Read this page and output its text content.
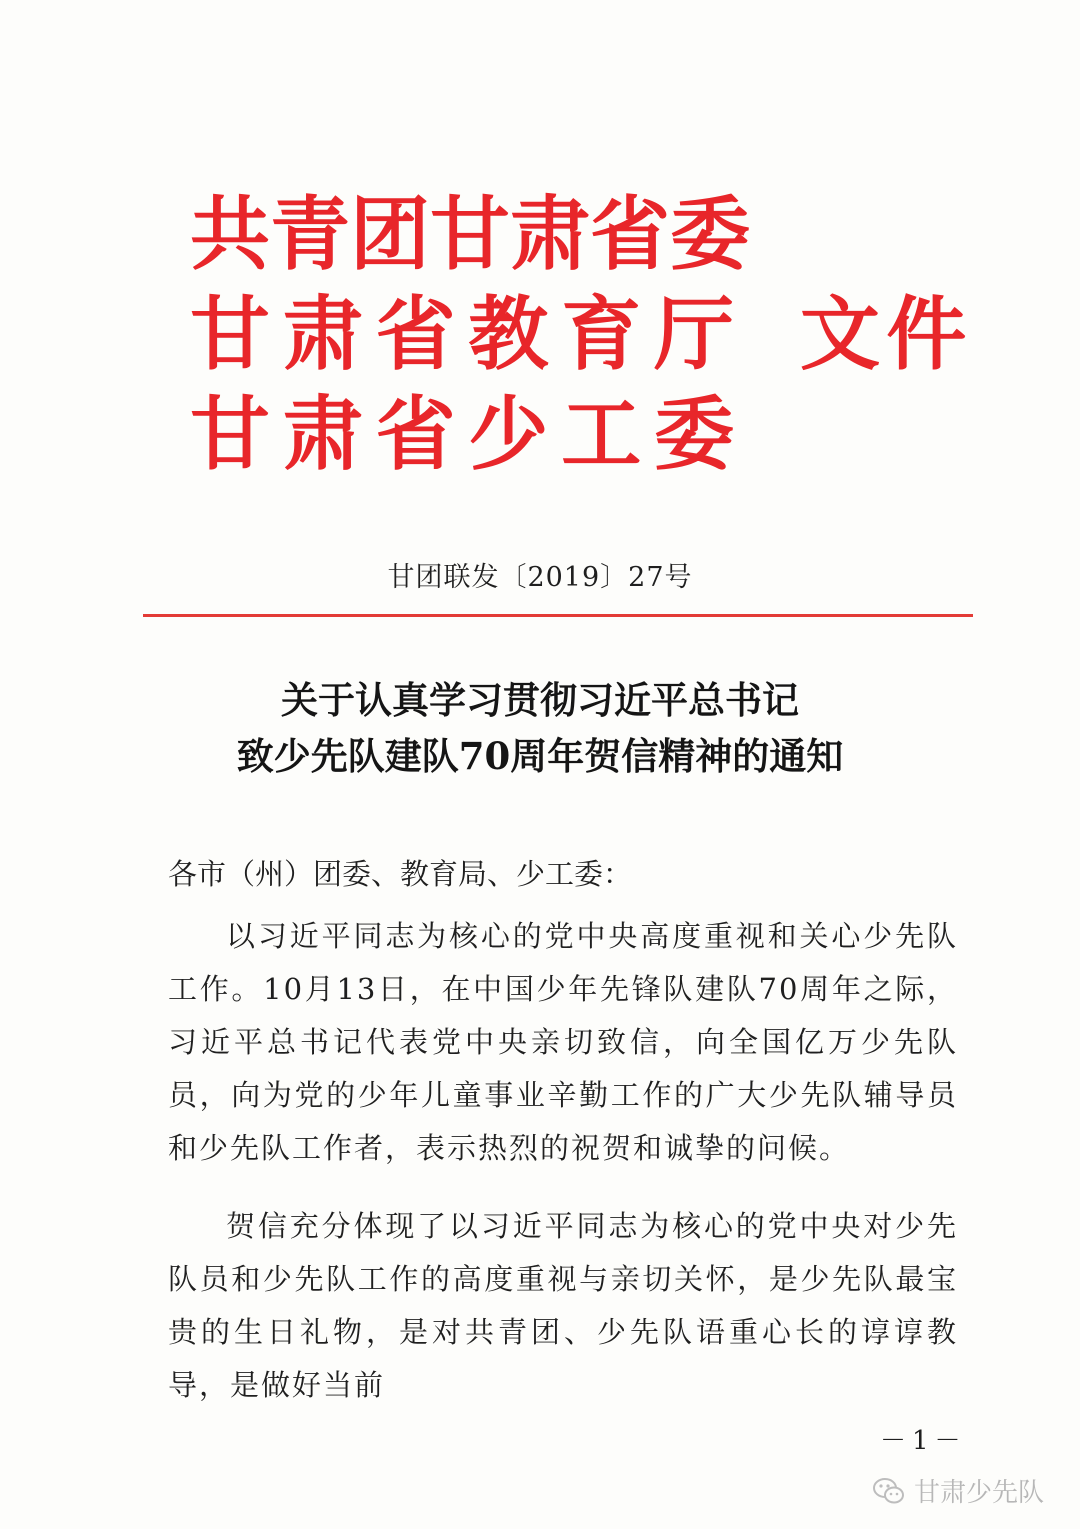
共青团甘肃省委
甘肃省教育厅 文件
甘肃省少工委
甘团联发〔2019〕27号
关于认真学习贯彻习近平总书记
致少先队建队70周年贺信精神的通知
各市（州）团委、教育局、少工委：
以习近平同志为核心的党中央高度重视和关心少先队工作。10月13日，在中国少年先锋队建队70周年之际，习近平总书记代表党中央亲切致信，向全国亿万少先队员，向为党的少年儿童事业辛勤工作的广大少先队辅导员和少先队工作者，表示热烈的祝贺和诚挚的问候。
贺信充分体现了以习近平同志为核心的党中央对少先队员和少先队工作的高度重视与亲切关怀，是少先队最宝贵的生日礼物，是对共青团、少先队语重心长的谆谆教导，是做好当前
－1－
甘肃少先队
